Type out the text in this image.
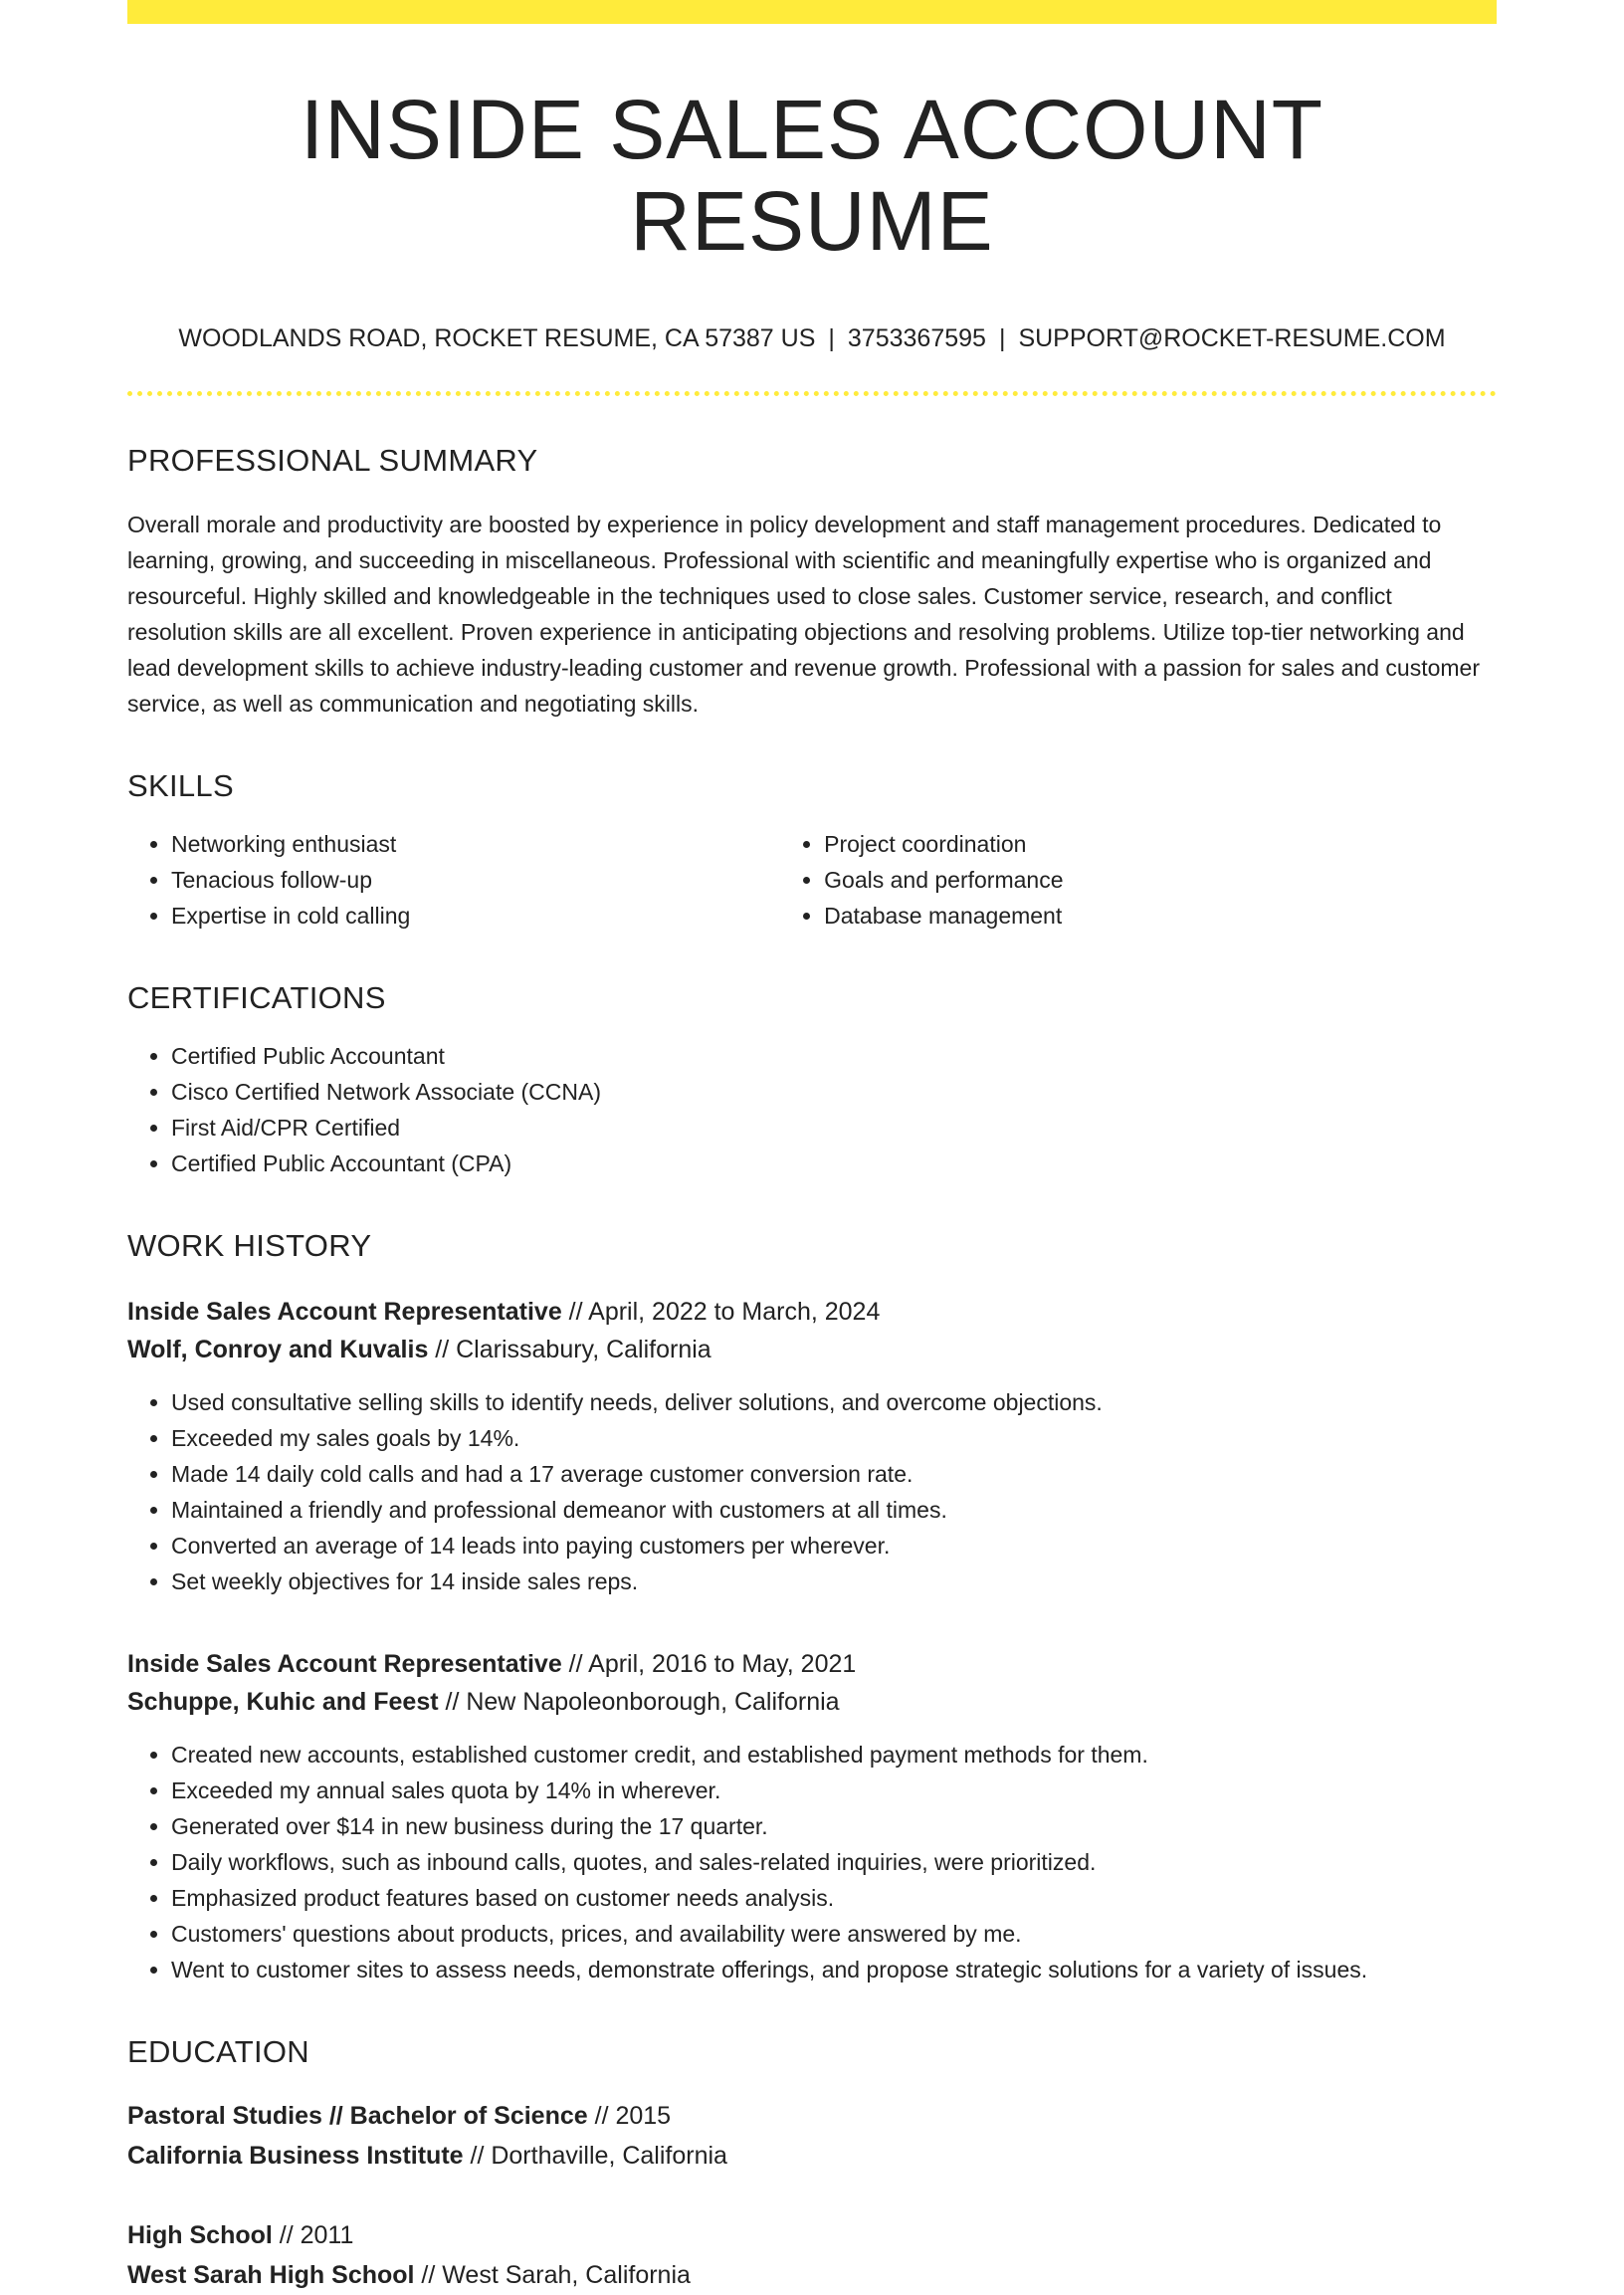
INSIDE SALES ACCOUNT RESUME
WOODLANDS ROAD, ROCKET RESUME, CA 57387 US | 3753367595 | SUPPORT@ROCKET-RESUME.COM
PROFESSIONAL SUMMARY

Overall morale and productivity are boosted by experience in policy development and staff management procedures. Dedicated to learning, growing, and succeeding in miscellaneous. Professional with scientific and meaningfully expertise who is organized and resourceful. Highly skilled and knowledgeable in the techniques used to close sales. Customer service, research, and conflict resolution skills are all excellent. Proven experience in anticipating objections and resolving problems. Utilize top-tier networking and lead development skills to achieve industry-leading customer and revenue growth. Professional with a passion for sales and customer service, as well as communication and negotiating skills.

SKILLS
• Networking enthusiast
• Tenacious follow-up
• Expertise in cold calling
• Project coordination
• Goals and performance
• Database management
CERTIFICATIONS
• Certified Public Accountant
• Cisco Certified Network Associate (CCNA)
• First Aid/CPR Certified
• Certified Public Accountant (CPA)
WORK HISTORY
Inside Sales Account Representative // April, 2022 to March, 2024
Wolf, Conroy and Kuvalis // Clarissabury, California
• Used consultative selling skills to identify needs, deliver solutions, and overcome objections.
• Exceeded my sales goals by 14%.
• Made 14 daily cold calls and had a 17 average customer conversion rate.
• Maintained a friendly and professional demeanor with customers at all times.
• Converted an average of 14 leads into paying customers per wherever.
• Set weekly objectives for 14 inside sales reps.
Inside Sales Account Representative // April, 2016 to May, 2021
Schuppe, Kuhic and Feest // New Napoleonborough, California
• Created new accounts, established customer credit, and established payment methods for them.
• Exceeded my annual sales quota by 14% in wherever.
• Generated over $14 in new business during the 17 quarter.
• Daily workflows, such as inbound calls, quotes, and sales-related inquiries, were prioritized.
• Emphasized product features based on customer needs analysis.
• Customers' questions about products, prices, and availability were answered by me.
• Went to customer sites to assess needs, demonstrate offerings, and propose strategic solutions for a variety of issues.
EDUCATION
Pastoral Studies // Bachelor of Science // 2015
California Business Institute // Dorthaville, California
High School // 2011
West Sarah High School // West Sarah, California
